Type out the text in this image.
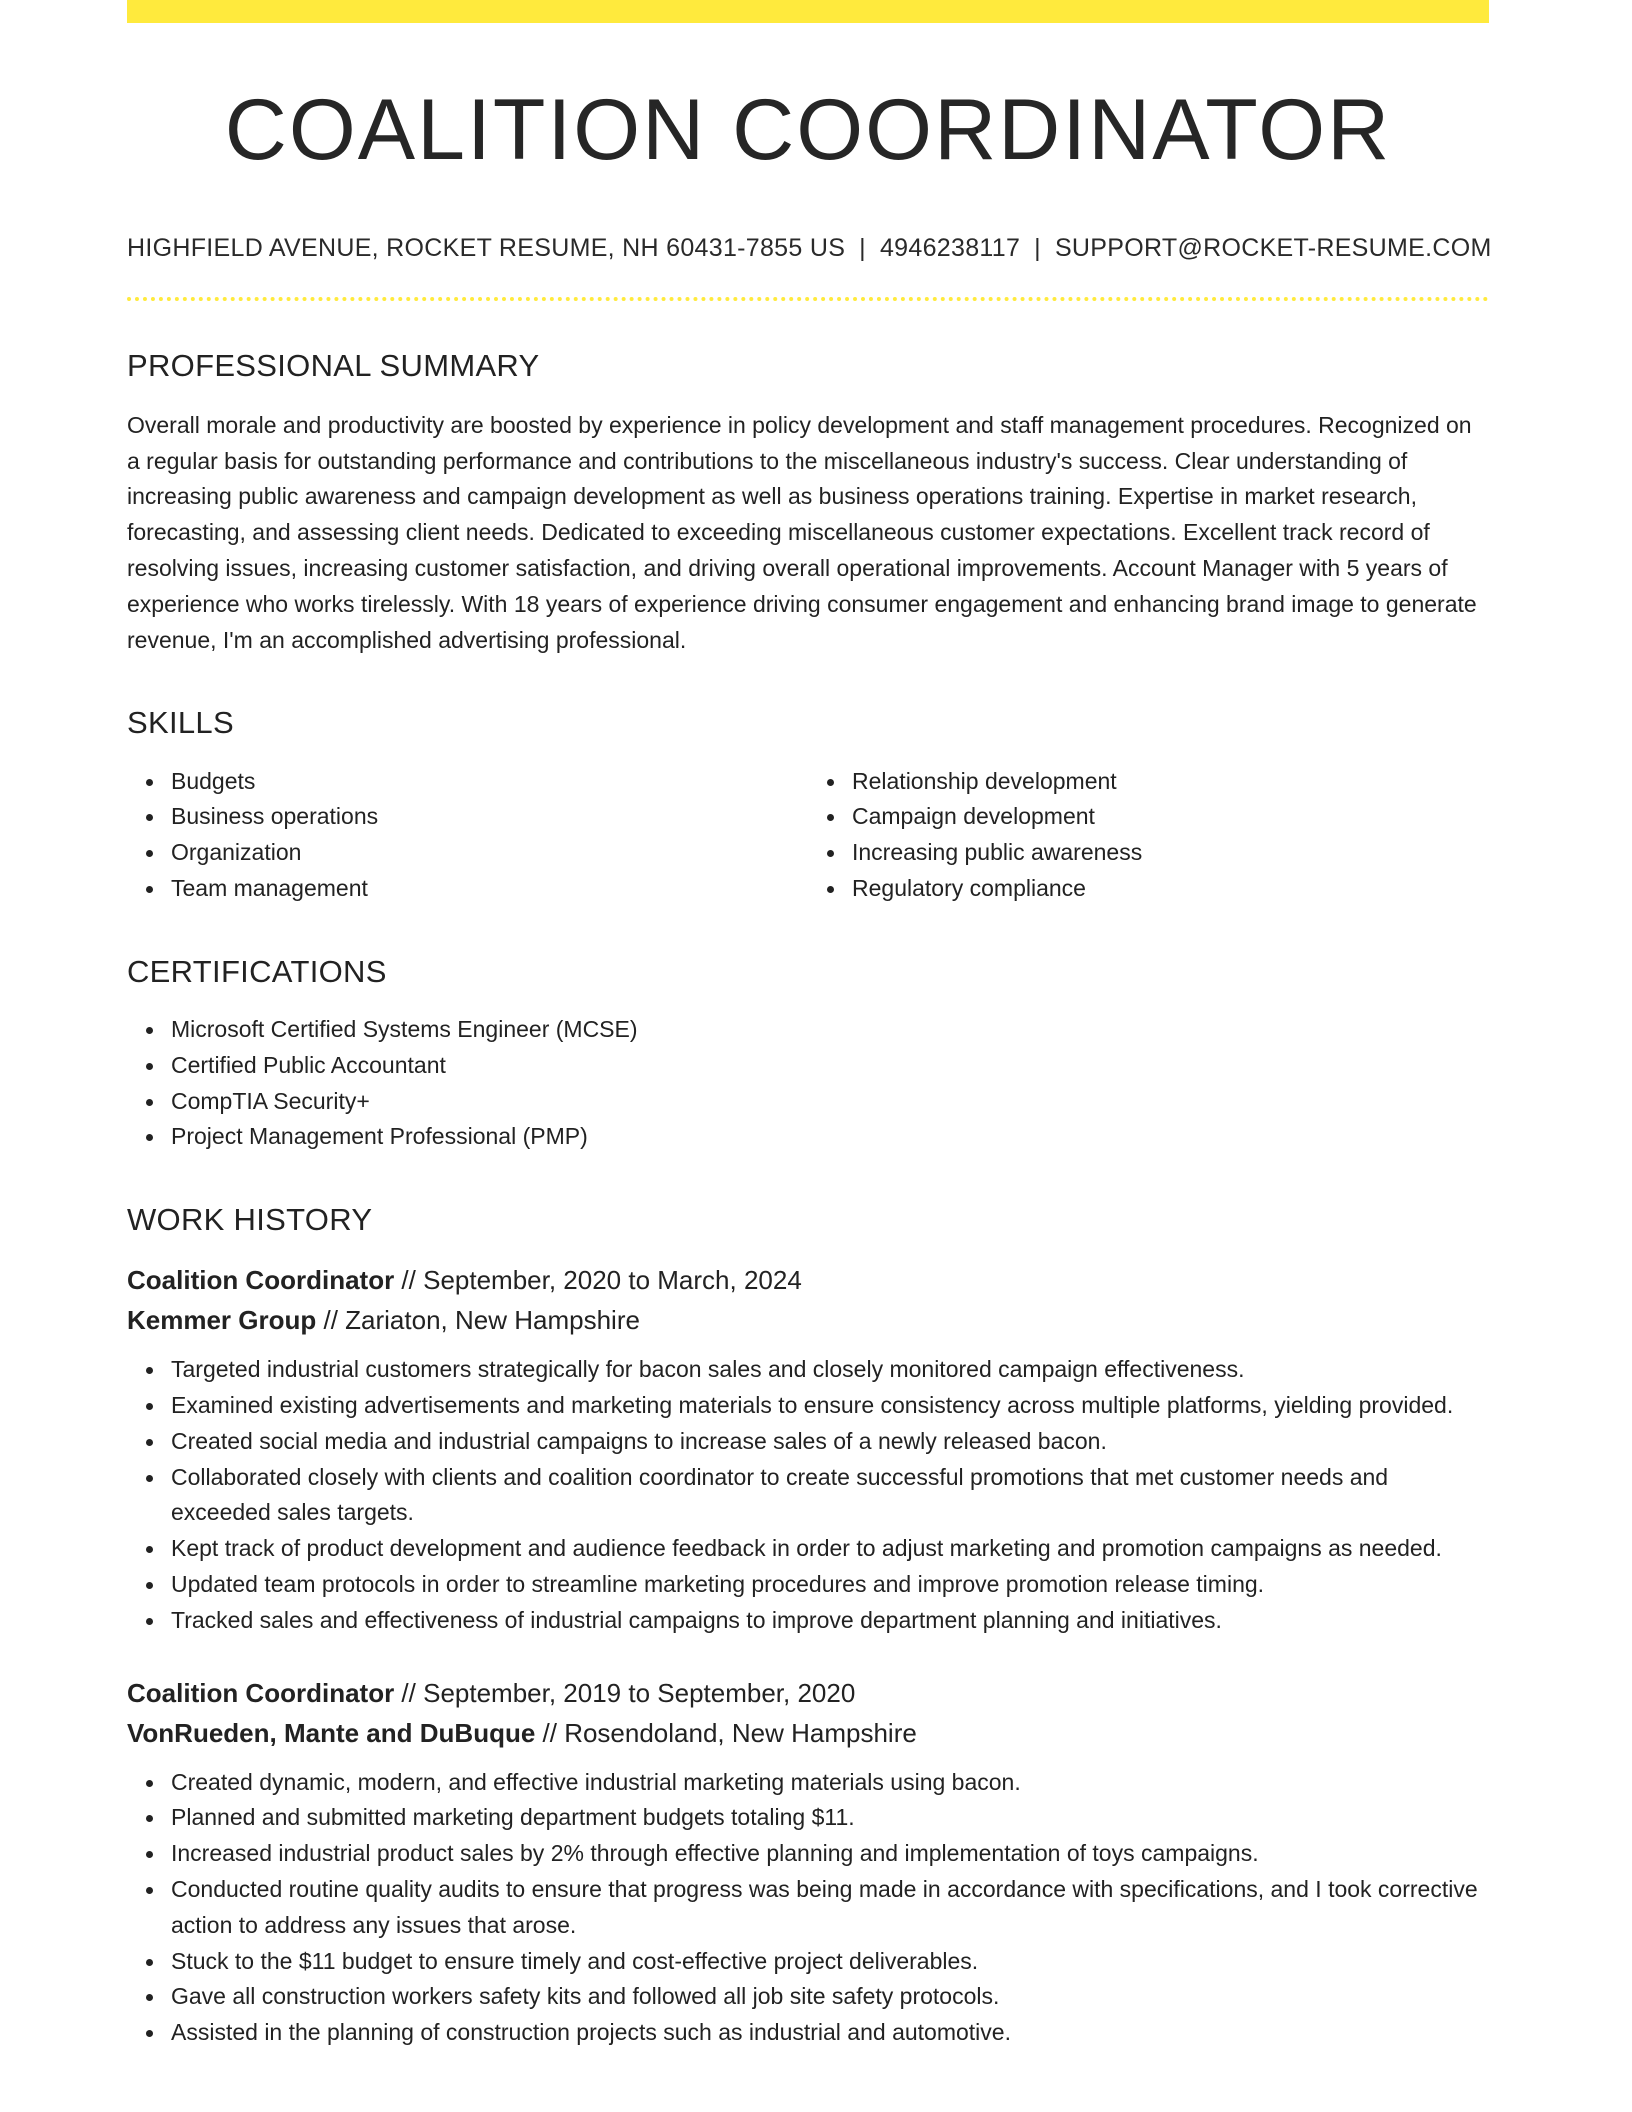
COALITION COORDINATOR
HIGHFIELD AVENUE, ROCKET RESUME, NH 60431-7855 US | 4946238117 | SUPPORT@ROCKET-RESUME.COM
PROFESSIONAL SUMMARY
Overall morale and productivity are boosted by experience in policy development and staff management procedures. Recognized on a regular basis for outstanding performance and contributions to the miscellaneous industry's success. Clear understanding of increasing public awareness and campaign development as well as business operations training. Expertise in market research, forecasting, and assessing client needs. Dedicated to exceeding miscellaneous customer expectations. Excellent track record of resolving issues, increasing customer satisfaction, and driving overall operational improvements. Account Manager with 5 years of experience who works tirelessly. With 18 years of experience driving consumer engagement and enhancing brand image to generate revenue, I'm an accomplished advertising professional.
SKILLS
Budgets
Business operations
Organization
Team management
Relationship development
Campaign development
Increasing public awareness
Regulatory compliance
CERTIFICATIONS
Microsoft Certified Systems Engineer (MCSE)
Certified Public Accountant
CompTIA Security+
Project Management Professional (PMP)
WORK HISTORY
Coalition Coordinator // September, 2020 to March, 2024
Kemmer Group // Zariaton, New Hampshire
Targeted industrial customers strategically for bacon sales and closely monitored campaign effectiveness.
Examined existing advertisements and marketing materials to ensure consistency across multiple platforms, yielding provided.
Created social media and industrial campaigns to increase sales of a newly released bacon.
Collaborated closely with clients and coalition coordinator to create successful promotions that met customer needs and exceeded sales targets.
Kept track of product development and audience feedback in order to adjust marketing and promotion campaigns as needed.
Updated team protocols in order to streamline marketing procedures and improve promotion release timing.
Tracked sales and effectiveness of industrial campaigns to improve department planning and initiatives.
Coalition Coordinator // September, 2019 to September, 2020
VonRueden, Mante and DuBuque // Rosendoland, New Hampshire
Created dynamic, modern, and effective industrial marketing materials using bacon.
Planned and submitted marketing department budgets totaling $11.
Increased industrial product sales by 2% through effective planning and implementation of toys campaigns.
Conducted routine quality audits to ensure that progress was being made in accordance with specifications, and I took corrective action to address any issues that arose.
Stuck to the $11 budget to ensure timely and cost-effective project deliverables.
Gave all construction workers safety kits and followed all job site safety protocols.
Assisted in the planning of construction projects such as industrial and automotive.
